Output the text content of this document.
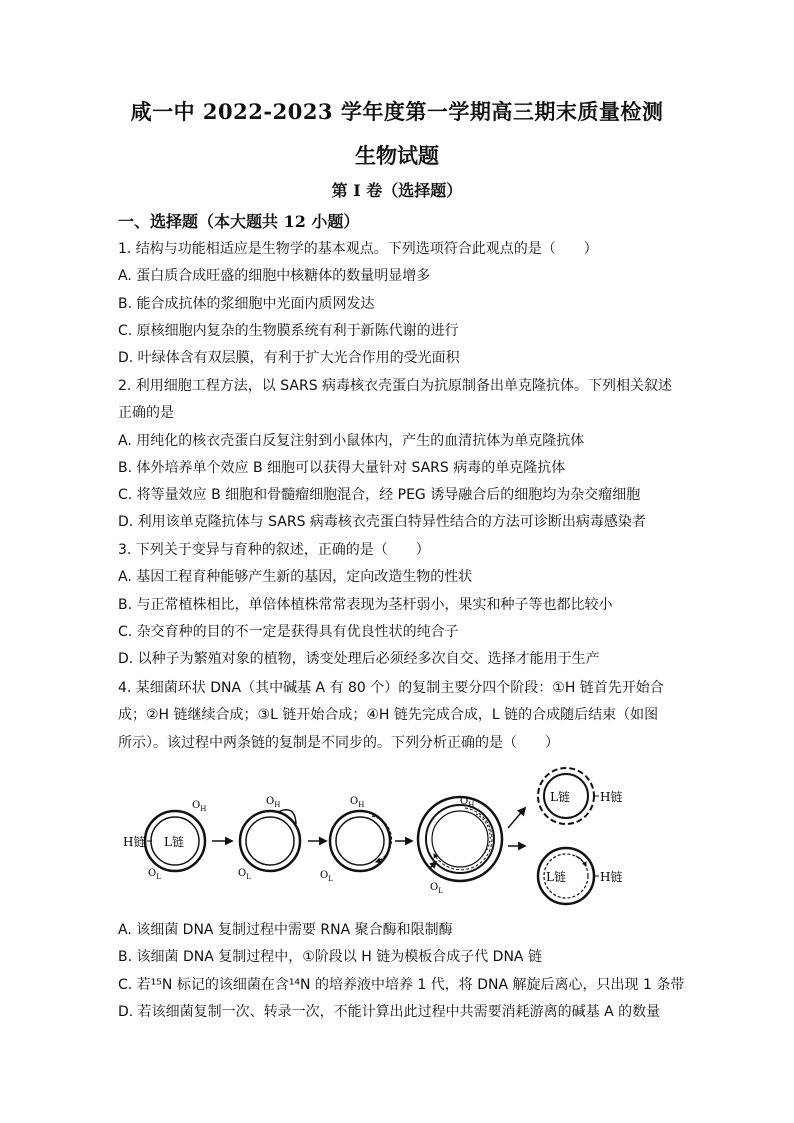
咸一中 2022-2023 学年度第一学期高三期末质量检测
生物试题
第 I 卷（选择题）
一、选择题（本大题共 12 小题）
1. 结构与功能相适应是生物学的基本观点。下列选项符合此观点的是（　　）
A. 蛋白质合成旺盛的细胞中核糖体的数量明显增多
B. 能合成抗体的浆细胞中光面内质网发达
C. 原核细胞内复杂的生物膜系统有利于新陈代谢的进行
D. 叶绿体含有双层膜，有利于扩大光合作用的受光面积
2. 利用细胞工程方法，以 SARS 病毒核衣壳蛋白为抗原制备出单克隆抗体。下列相关叙述
正确的是
A. 用纯化的核衣壳蛋白反复注射到小鼠体内，产生的血清抗体为单克隆抗体
B. 体外培养单个效应 B 细胞可以获得大量针对 SARS 病毒的单克隆抗体
C. 将等量效应 B 细胞和骨髓瘤细胞混合，经 PEG 诱导融合后的细胞均为杂交瘤细胞
D. 利用该单克隆抗体与 SARS 病毒核衣壳蛋白特异性结合的方法可诊断出病毒感染者
3. 下列关于变异与育种的叙述，正确的是（　　）
A. 基因工程育种能够产生新的基因，定向改造生物的性状
B. 与正常植株相比，单倍体植株常常表现为茎杆弱小，果实和种子等也都比较小
C. 杂交育种的目的不一定是获得具有优良性状的纯合子
D. 以种子为繁殖对象的植物，诱变处理后必须经多次自交、选择才能用于生产
4. 某细菌环状 DNA（其中碱基 A 有 80 个）的复制主要分四个阶段：①H 链首先开始合
成；②H 链继续合成；③L 链开始合成；④H 链先完成合成，L 链的合成随后结束（如图
所示）。该过程中两条链的复制是不同步的。下列分析正确的是（　　）
H链 L链
$O_H$
$O_L$
$O_H$
$O_L$
$O_H$
$O_L$
$O_H$
$O_L$
L链	H链
L链	H链
A. 该细菌 DNA 复制过程中需要 RNA 聚合酶和限制酶
B. 该细菌 DNA 复制过程中，①阶段以 H 链为模板合成子代 DNA 链
C. 若¹⁵N 标记的该细菌在含¹⁴N 的培养液中培养 1 代，将 DNA 解旋后离心，只出现 1 条带
D. 若该细菌复制一次、转录一次，不能计算出此过程中共需要消耗游离的碱基 A 的数量
